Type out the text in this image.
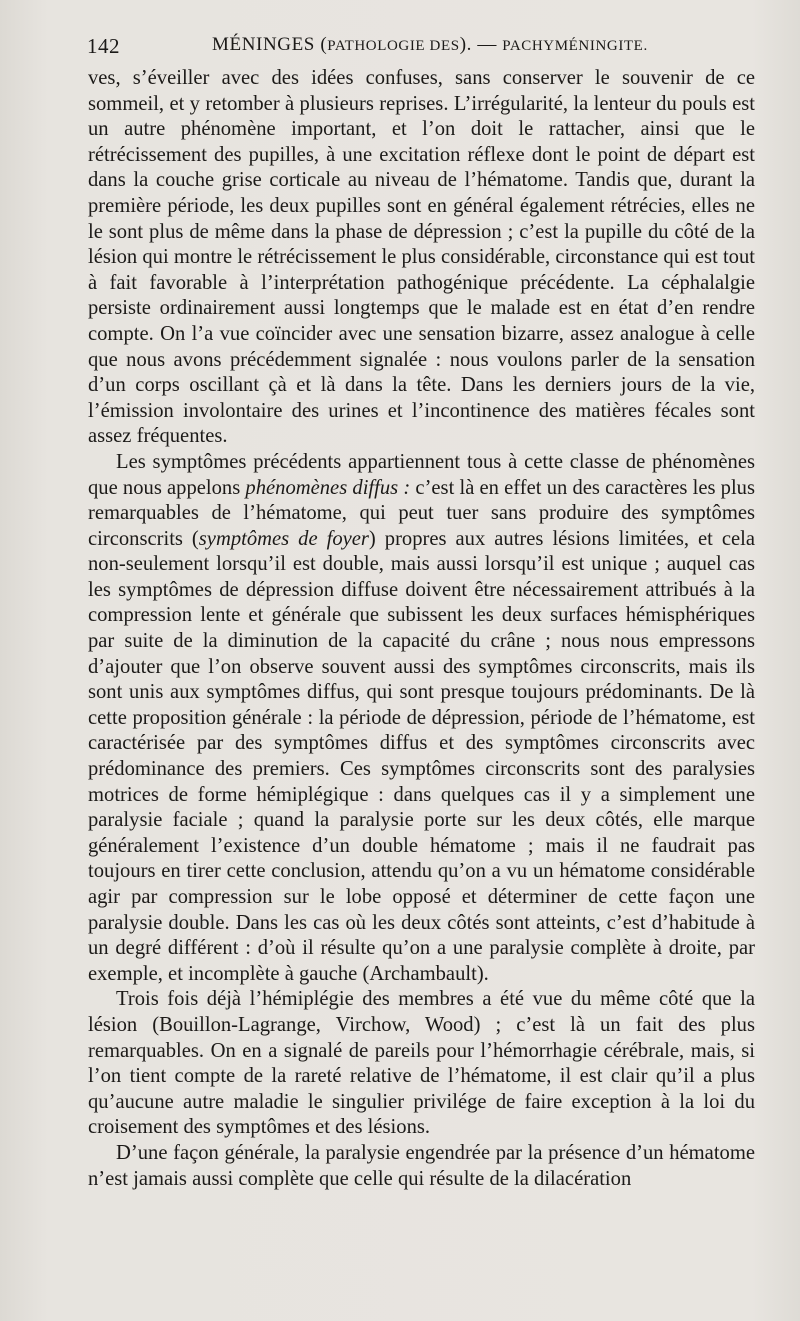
142	MÉNINGES (PATHOLOGIE DES). — PACHYMÉNINGITE.

ves, s’éveiller avec des idées confuses, sans conserver le souvenir de ce sommeil, et y retomber à plusieurs reprises. L’irrégularité, la lenteur du pouls est un autre phénomène important, et l’on doit le rattacher, ainsi que le rétrécissement des pupilles, à une excitation réflexe dont le point de départ est dans la couche grise corticale au niveau de l’hématome. Tandis que, durant la première période, les deux pupilles sont en général également rétrécies, elles ne le sont plus de même dans la phase de dépression ; c’est la pupille du côté de la lésion qui montre le rétrécissement le plus considérable, circonstance qui est tout à fait favorable à l’interprétation pathogénique précédente. La céphalalgie persiste ordinairement aussi longtemps que le malade est en état d’en rendre compte. On l’a vue coïncider avec une sensation bizarre, assez analogue à celle que nous avons précédemment signalée : nous voulons parler de la sensation d’un corps oscillant çà et là dans la tête. Dans les derniers jours de la vie, l’émission involontaire des urines et l’incontinence des matières fécales sont assez fréquentes.

Les symptômes précédents appartiennent tous à cette classe de phénomènes que nous appelons phénomènes diffus : c’est là en effet un des caractères les plus remarquables de l’hématome, qui peut tuer sans produire des symptômes circonscrits (symptômes de foyer) propres aux autres lésions limitées, et cela non-seulement lorsqu’il est double, mais aussi lorsqu’il est unique ; auquel cas les symptômes de dépression diffuse doivent être nécessairement attribués à la compression lente et générale que subissent les deux surfaces hémisphériques par suite de la diminution de la capacité du crâne ; nous nous empressons d’ajouter que l’on observe souvent aussi des symptômes circonscrits, mais ils sont unis aux symptômes diffus, qui sont presque toujours prédominants. De là cette proposition générale : la période de dépression, période de l’hématome, est caractérisée par des symptômes diffus et des symptômes circonscrits avec prédominance des premiers. Ces symptômes circonscrits sont des paralysies motrices de forme hémiplégique : dans quelques cas il y a simplement une paralysie faciale ; quand la paralysie porte sur les deux côtés, elle marque généralement l’existence d’un double hématome ; mais il ne faudrait pas toujours en tirer cette conclusion, attendu qu’on a vu un hématome considérable agir par compression sur le lobe opposé et déterminer de cette façon une paralysie double. Dans les cas où les deux côtés sont atteints, c’est d’habitude à un degré différent : d’où il résulte qu’on a une paralysie complète à droite, par exemple, et incomplète à gauche (Archambault).

Trois fois déjà l’hémiplégie des membres a été vue du même côté que la lésion (Bouillon-Lagrange, Virchow, Wood) ; c’est là un fait des plus remarquables. On en a signalé de pareils pour l’hémorrhagie cérébrale, mais, si l’on tient compte de la rareté relative de l’hématome, il est clair qu’il a plus qu’aucune autre maladie le singulier privilége de faire exception à la loi du croisement des symptômes et des lésions.

D’une façon générale, la paralysie engendrée par la présence d’un hématome n’est jamais aussi complète que celle qui résulte de la dilacération
